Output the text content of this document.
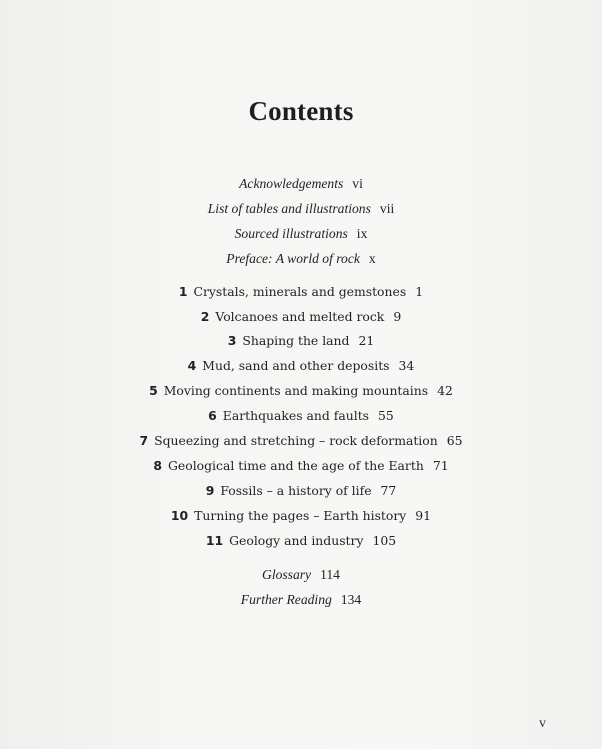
Contents
Acknowledgements vi
List of tables and illustrations vii
Sourced illustrations ix
Preface: A world of rock x
1 Crystals, minerals and gemstones 1
2 Volcanoes and melted rock 9
3 Shaping the land 21
4 Mud, sand and other deposits 34
5 Moving continents and making mountains 42
6 Earthquakes and faults 55
7 Squeezing and stretching – rock deformation 65
8 Geological time and the age of the Earth 71
9 Fossils – a history of life 77
10 Turning the pages – Earth history 91
11 Geology and industry 105
Glossary 114
Further Reading 134
v
